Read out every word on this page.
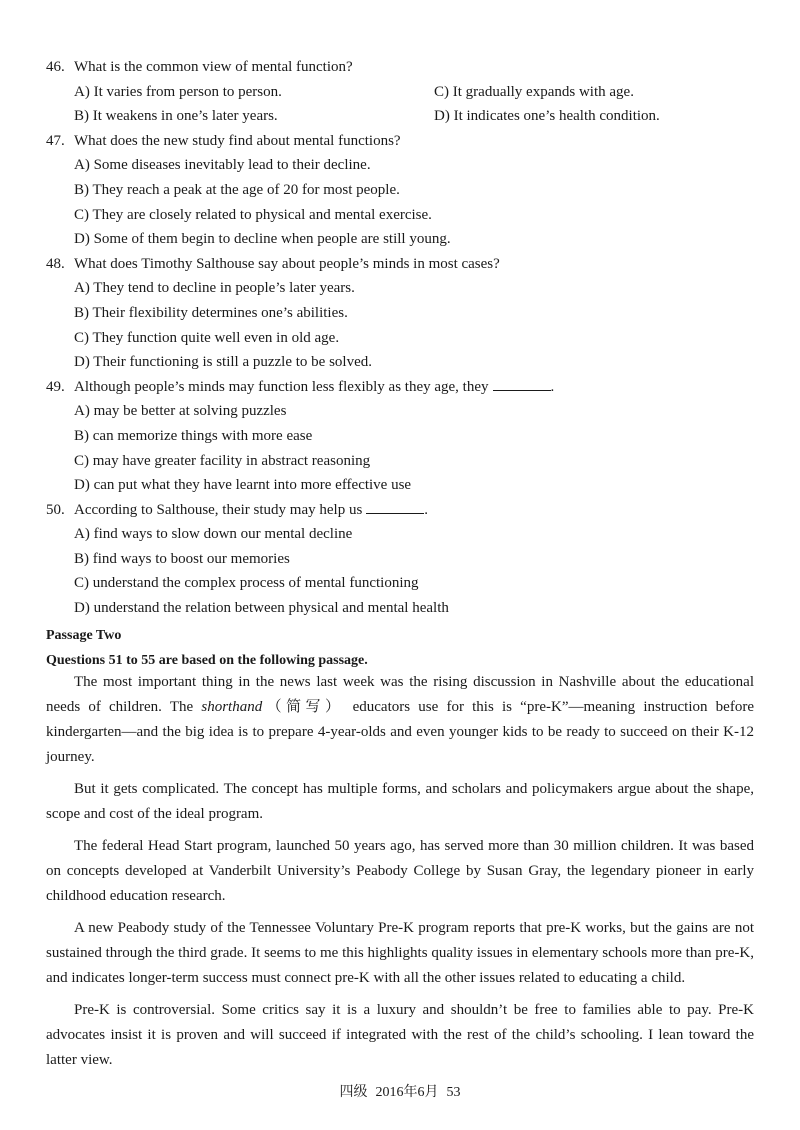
46. What is the common view of mental function?
A) It varies from person to person.	C) It gradually expands with age.
B) It weakens in one’s later years.	D) It indicates one’s health condition.
47. What does the new study find about mental functions?
A) Some diseases inevitably lead to their decline.
B) They reach a peak at the age of 20 for most people.
C) They are closely related to physical and mental exercise.
D) Some of them begin to decline when people are still young.
48. What does Timothy Salthouse say about people’s minds in most cases?
A) They tend to decline in people’s later years.
B) Their flexibility determines one’s abilities.
C) They function quite well even in old age.
D) Their functioning is still a puzzle to be solved.
49. Although people’s minds may function less flexibly as they age, they	.
A) may be better at solving puzzles
B) can memorize things with more ease
C) may have greater facility in abstract reasoning
D) can put what they have learnt into more effective use
50. According to Salthouse, their study may help us	.
A) find ways to slow down our mental decline
B) find ways to boost our memories
C) understand the complex process of mental functioning
D) understand the relation between physical and mental health
Passage Two
Questions 51 to 55 are based on the following passage.

The most important thing in the news last week was the rising discussion in Nashville about the educational needs of children. The shorthand（简写） educators use for this is “pre-K”—meaning instruction before kindergarten—and the big idea is to prepare 4-year-olds and even younger kids to be ready to succeed on their K-12 journey.

But it gets complicated. The concept has multiple forms, and scholars and policymakers argue about the shape, scope and cost of the ideal program.

The federal Head Start program, launched 50 years ago, has served more than 30 million children. It was based on concepts developed at Vanderbilt University’s Peabody College by Susan Gray, the legendary pioneer in early childhood education research.

A new Peabody study of the Tennessee Voluntary Pre-K program reports that pre-K works, but the gains are not sustained through the third grade. It seems to me this highlights quality issues in elementary schools more than pre-K, and indicates longer-term success must connect pre-K with all the other issues related to educating a child.

Pre-K is controversial. Some critics say it is a luxury and shouldn’t be free to families able to pay. Pre-K advocates insist it is proven and will succeed if integrated with the rest of the child’s schooling. I lean toward the latter view.

四级 2016年6月 53
